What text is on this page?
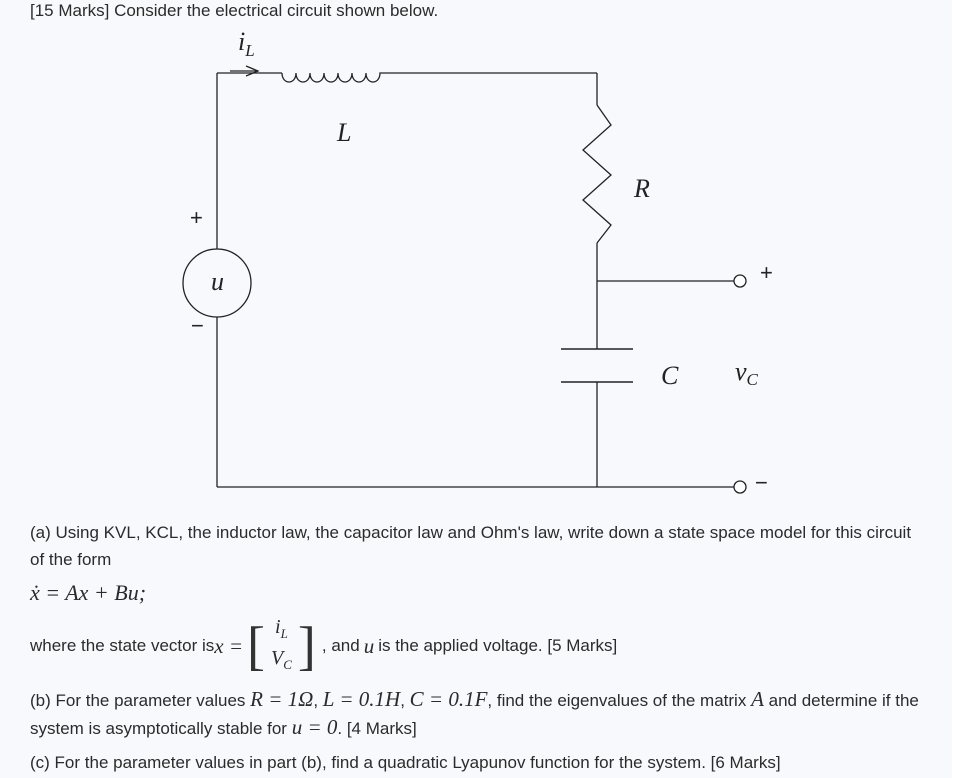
[15 Marks] Consider the electrical circuit shown below.
$i_L$
L
R
C
u
vC
+
−
+
−
(a) Using KVL, KCL, the inductor law, the capacitor law and Ohm's law, write down a state space model for this circuit of the form
ẋ = Ax + Bu;
where the state vector is x = [ $i_L$
$V_C$ ] , and u is the applied voltage. [5 Marks]
(b) For the parameter values R = 1Ω, L = 0.1H, C = 0.1F, find the eigenvalues of the matrix A and determine if the system is asymptotically stable for u = 0. [4 Marks]
(c) For the parameter values in part (b), find a quadratic Lyapunov function for the system. [6 Marks]
